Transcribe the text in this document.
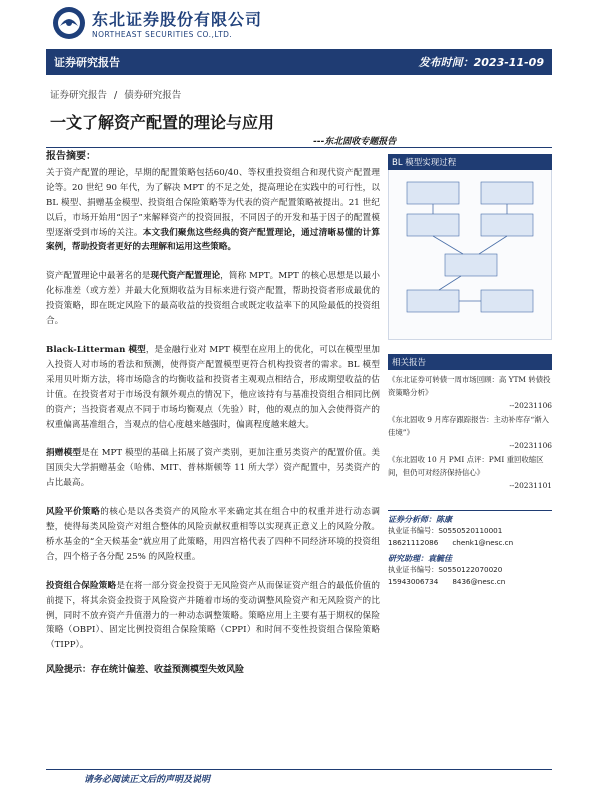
东北证券股份有限公司
NORTHEAST SECURITIES CO.,LTD.
证券研究报告	发布时间：2023-11-09
证券研究报告 / 债券研究报告
一文了解资产配置的理论与应用
---东北固收专题报告
报告摘要：

关于资产配置的理论，早期的配置策略包括60/40、等权重投资组合和现代资产配置理论等。20 世纪 90 年代，为了解决 MPT 的不足之处，提高理论在实践中的可行性，以 BL 模型、捐赠基金模型、投资组合保险策略等为代表的资产配置策略被提出。21 世纪以后，市场开始用“因子”来解释资产的投资回报，不同因子的开发和基于因子的配置模型逐渐受到市场的关注。本文我们聚焦这些经典的资产配置理论，通过清晰易懂的计算案例，帮助投资者更好的去理解和运用这些策略。

资产配置理论中最著名的是现代资产配置理论，简称 MPT。MPT 的核心思想是以最小化标准差（或方差）并最大化预期收益为目标来进行资产配置，帮助投资者形成最优的投资策略，即在既定风险下的最高收益的投资组合或既定收益率下的风险最低的投资组合。

Black-Litterman 模型，是金融行业对 MPT 模型在应用上的优化，可以在模型里加入投资人对市场的看法和预测，使得资产配置模型更符合机构投资者的需求。BL 模型采用贝叶斯方法，将市场隐含的均衡收益和投资者主观观点相结合，形成期望收益的估计值。在投资者对于市场没有额外观点的情况下，他应该持有与基准投资组合相同比例的资产；当投资者观点不同于市场均衡观点（先验）时，他的观点的加入会使得资产的权重偏离基准组合，当观点的信心度越来越强时，偏离程度越来越大。

捐赠模型是在 MPT 模型的基础上拓展了资产类别，更加注重另类资产的配置价值。美国顶尖大学捐赠基金（哈佛、MIT、普林斯顿等 11 所大学）资产配置中，另类资产的占比最高。

风险平价策略的核心是以各类资产的风险水平来确定其在组合中的权重并进行动态调整，使得每类风险资产对组合整体的风险贡献权重相等以实现真正意义上的风险分散。桥水基金的“全天候基金”就应用了此策略，用四宫格代表了四种不同经济环境的投资组合，四个格子各分配 25% 的风险权重。

投资组合保险策略是在将一部分资金投资于无风险资产从而保证资产组合的最低价值的前提下，将其余资金投资于风险资产并随着市场的变动调整风险资产和无风险资产的比例，同时不放弃资产升值潜力的一种动态调整策略。策略应用上主要有基于期权的保险策略（OBPI）、固定比例投资组合保险策略（CPPI）和时间不变性投资组合保险策略（TIPP）。

风险提示：存在统计偏差、收益预测模型失效风险
BL 模型实现过程
相关报告
《东北证券可转债一周市场回顾：高 YTM 转债投资策略分析》
--20231106
《东北固收 9 月库存跟踪报告：主动补库存“渐入佳境”》
--20231106
《东北固收 10 月 PMI 点评：PMI 重回收缩区间，但仍可对经济保持信心》
--20231101
证券分析师：陈康
执业证书编号：S0550520110001
18621112086 chenk1@nesc.cn
研究助理：袁毓佳
执业证书编号：S0550122070020
15943006734 8436@nesc.cn
请务必阅读正文后的声明及说明
